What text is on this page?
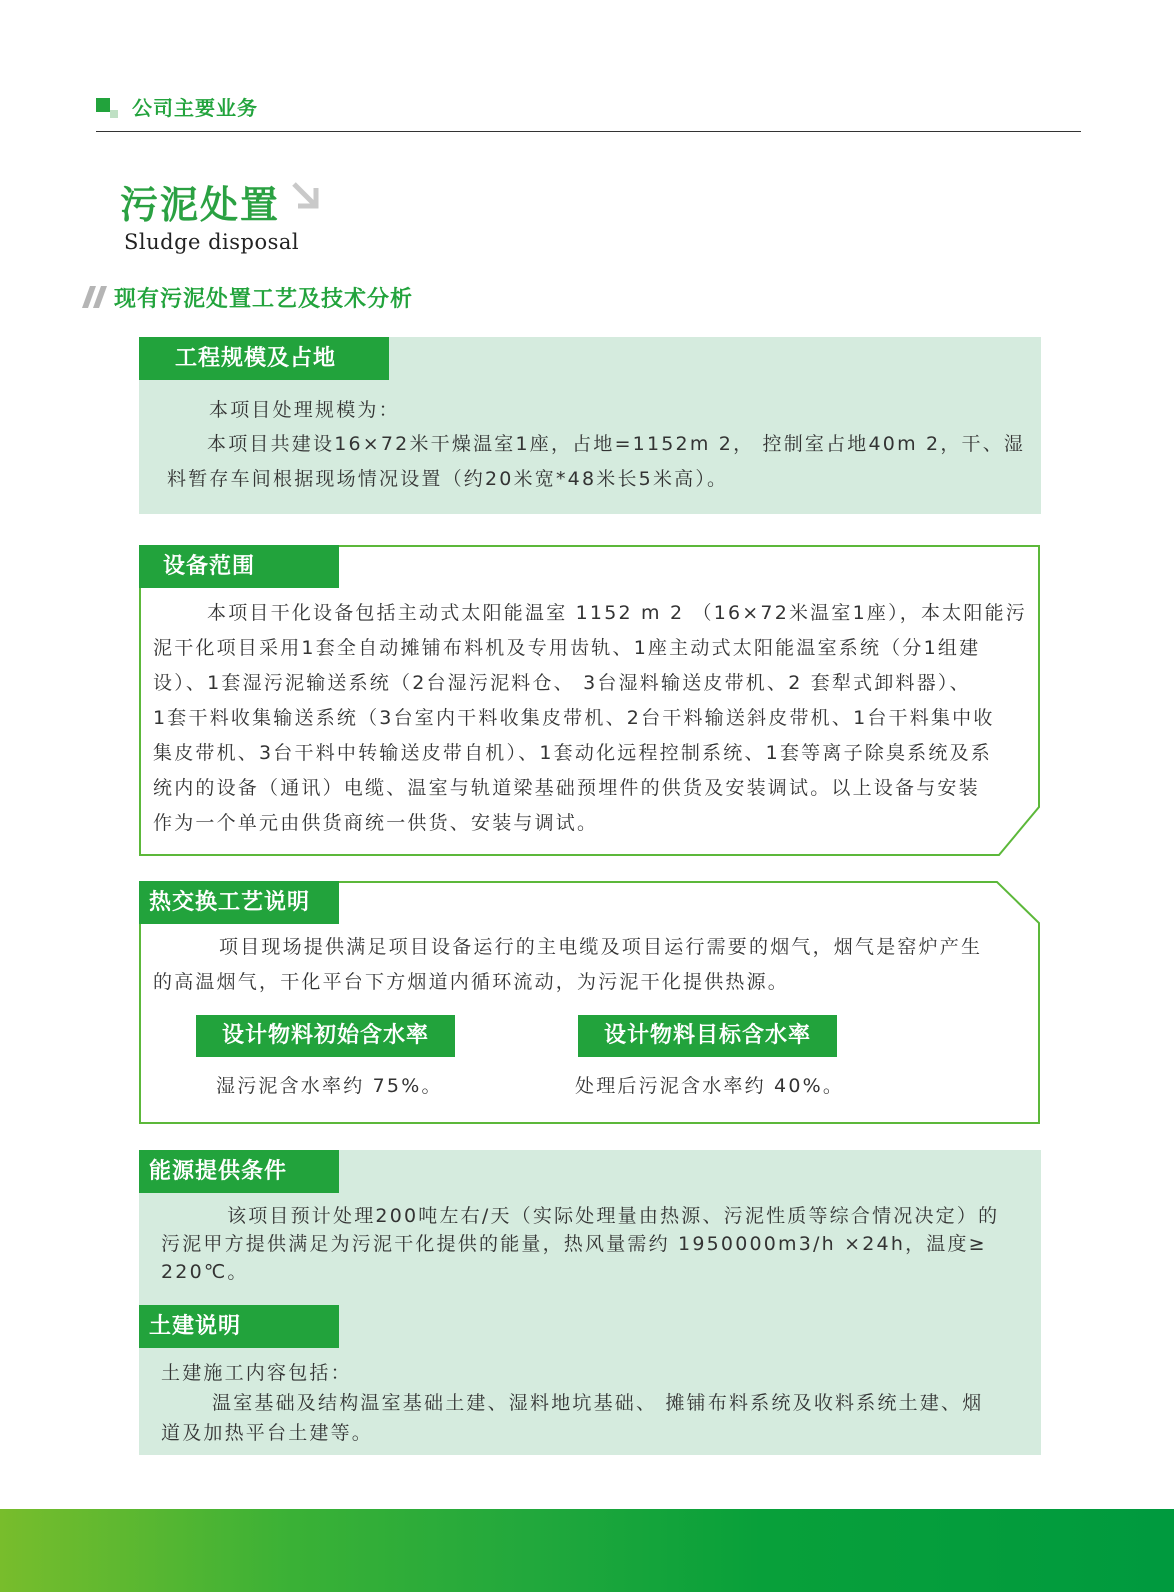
公司主要业务
污泥处置
Sludge disposal
现有污泥处置工艺及技术分析
工程规模及占地
本项目处理规模为：
本项目共建设16×72米干燥温室1座，占地=1152m 2， 控制室占地40m 2，干、湿
料暂存车间根据现场情况设置（约20米宽*48米长5米高）。
设备范围
本项目干化设备包括主动式太阳能温室 1152 m 2 （16×72米温室1座），本太阳能污
泥干化项目采用1套全自动摊铺布料机及专用齿轨、1座主动式太阳能温室系统（分1组建
设）、1套湿污泥输送系统（2台湿污泥料仓、 3台湿料输送皮带机、2 套犁式卸料器）、
1套干料收集输送系统（3台室内干料收集皮带机、2台干料输送斜皮带机、1台干料集中收
集皮带机、3台干料中转输送皮带自机）、1套动化远程控制系统、1套等离子除臭系统及系
统内的设备（通讯）电缆、温室与轨道梁基础预埋件的供货及安装调试。以上设备与安装
作为一个单元由供货商统一供货、安装与调试。
热交换工艺说明
项目现场提供满足项目设备运行的主电缆及项目运行需要的烟气，烟气是窑炉产生
的高温烟气，干化平台下方烟道内循环流动，为污泥干化提供热源。
设计物料初始含水率
湿污泥含水率约 75%。
设计物料目标含水率
处理后污泥含水率约 40%。
能源提供条件
该项目预计处理200吨左右/天（实际处理量由热源、污泥性质等综合情况决定）的
污泥甲方提供满足为污泥干化提供的能量，热风量需约 1950000m3/h ×24h，温度≥
220℃。
土建说明
土建施工内容包括：
温室基础及结构温室基础土建、湿料地坑基础、 摊铺布料系统及收料系统土建、烟
道及加热平台土建等。
